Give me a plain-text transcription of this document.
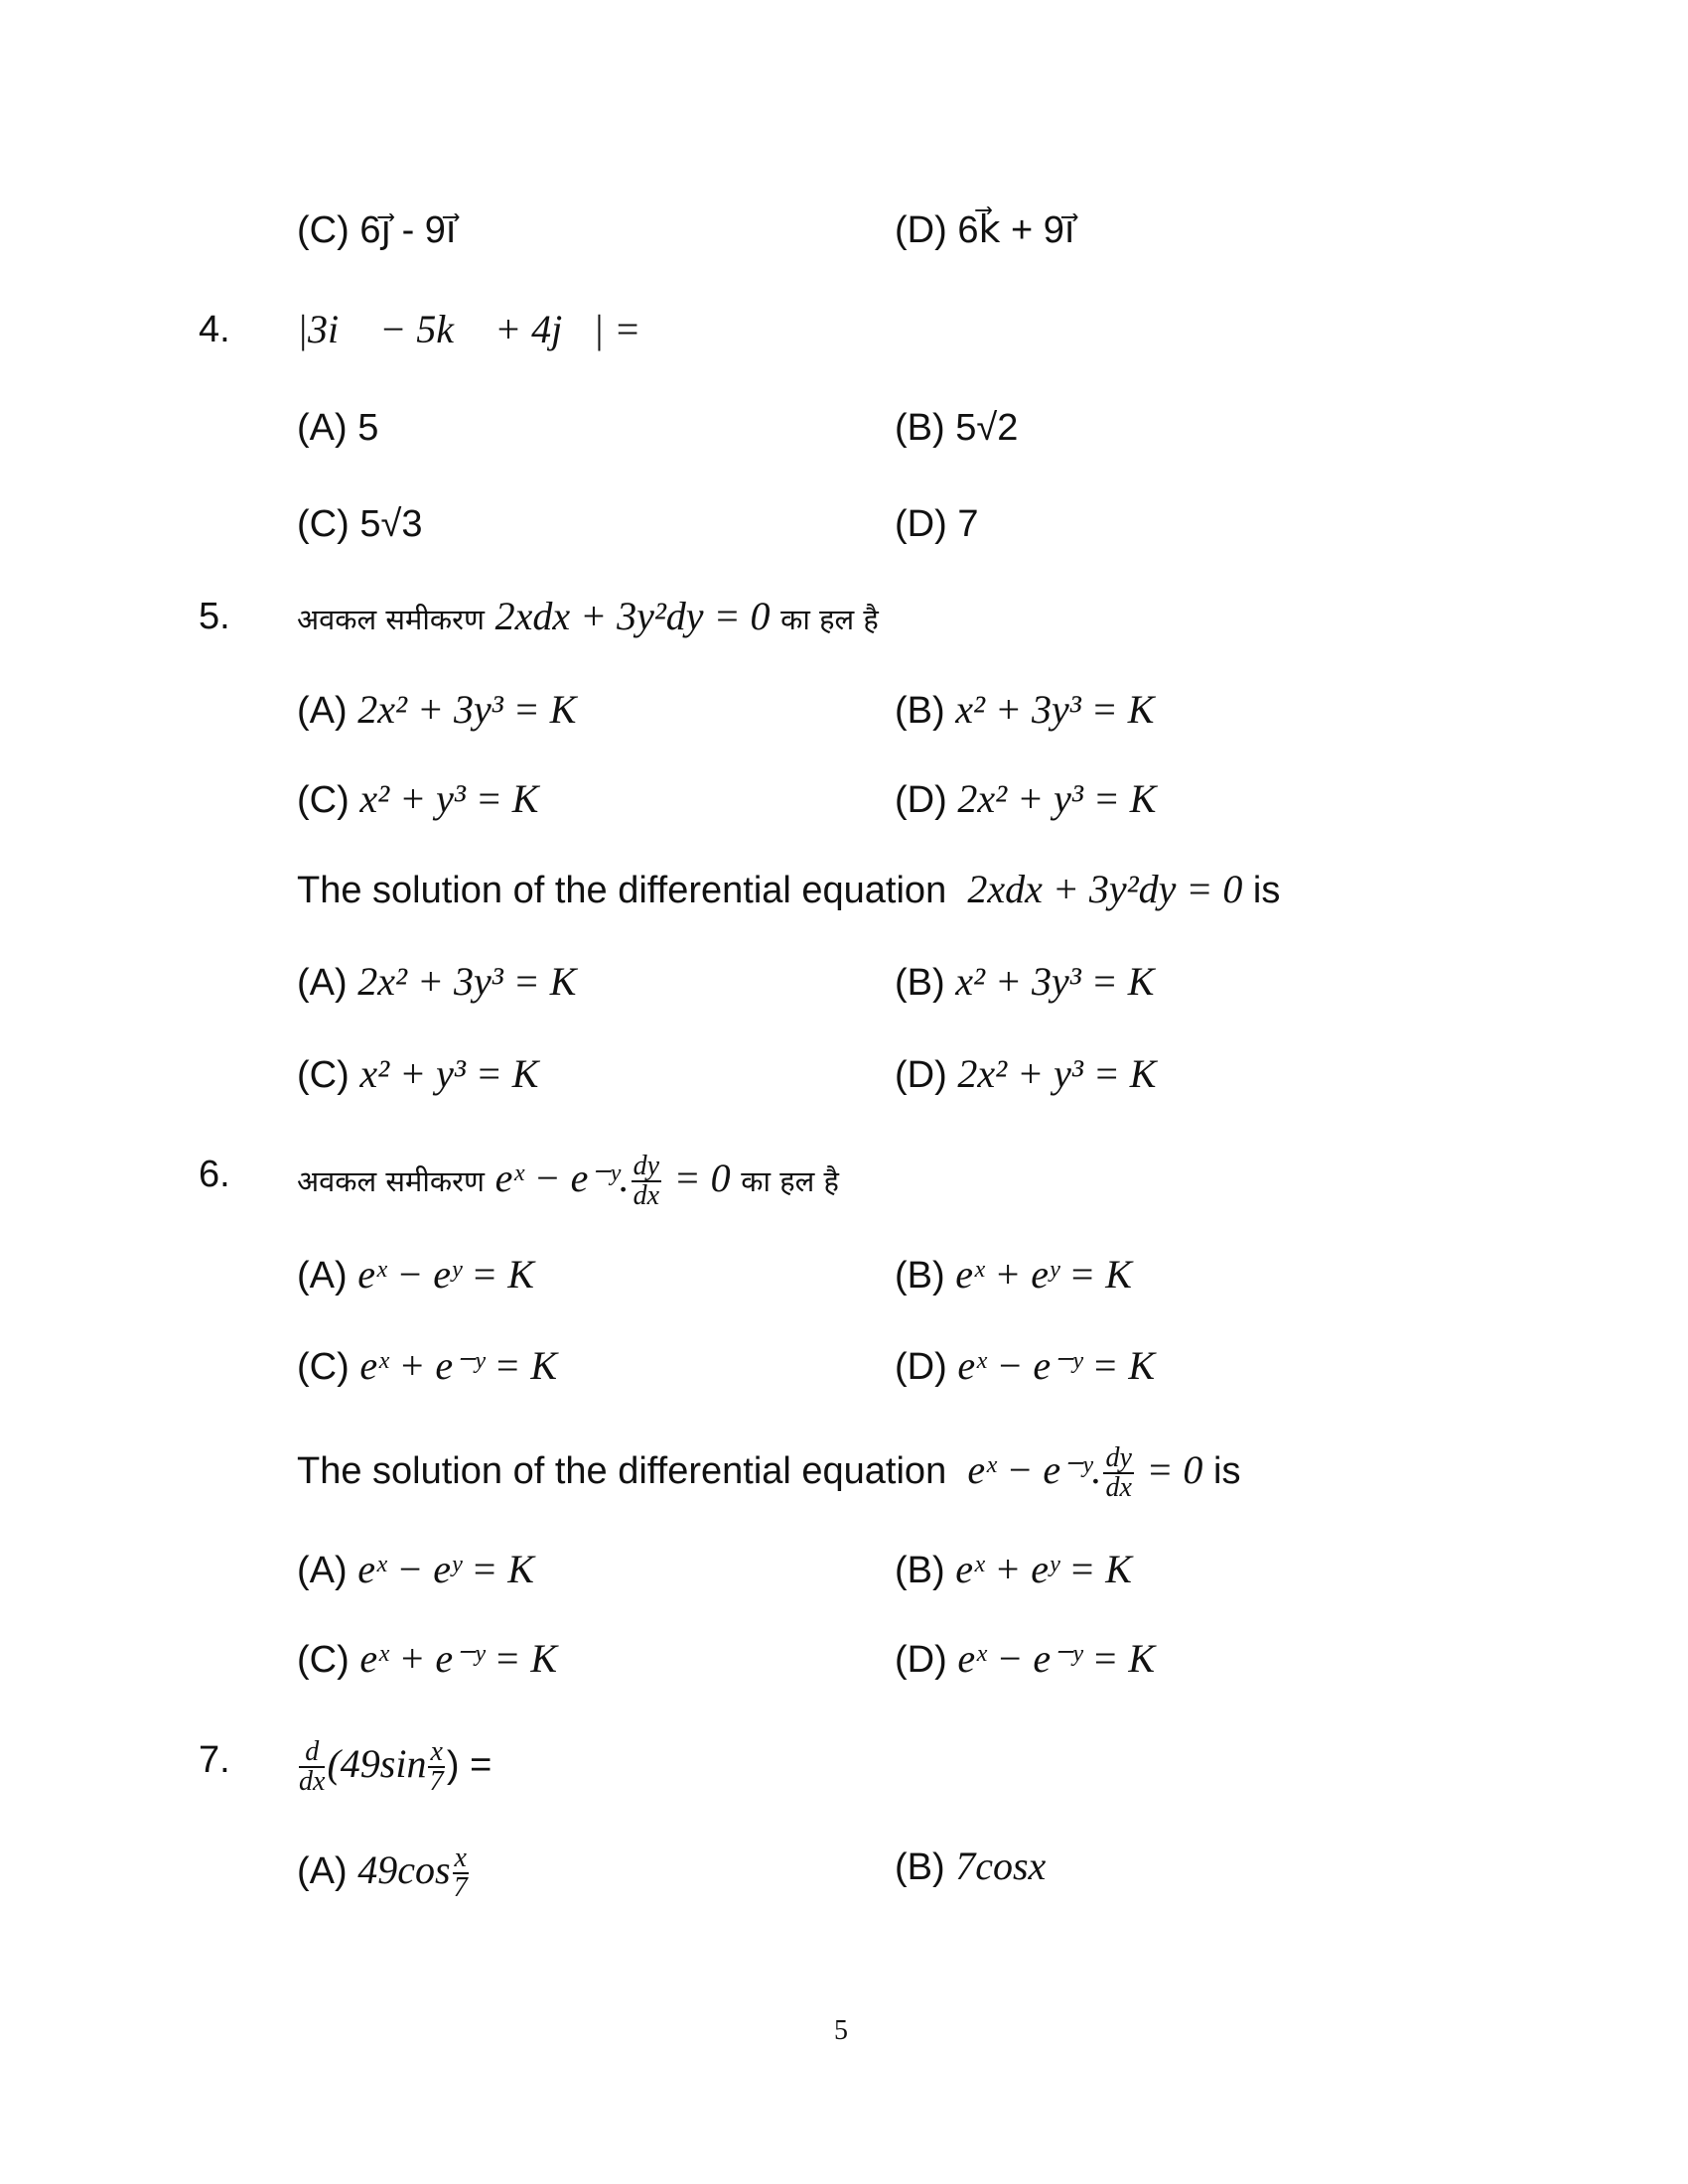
(C) 6j⃗ - 9i⃗	(D) 6k⃗ + 9i⃗
4. |3i⃗ − 5k⃗ + 4j⃗| =
(A) 5	(B) 5√2
(C) 5√3	(D) 7
5. अवकल समीकरण 2xdx + 3y²dy = 0 का हल है
(A) 2x² + 3y³ = K	(B) x² + 3y³ = K
(C) x² + y³ = K	(D) 2x² + y³ = K
The solution of the differential equation 2xdx + 3y²dy = 0 is
(A) 2x² + 3y³ = K	(B) x² + 3y³ = K
(C) x² + y³ = K	(D) 2x² + y³ = K
6. अवकल समीकरण eˣ − e⁻ʸ. $\frac{dy}{dx} = 0$ का हल है
(A) eˣ − eʸ = K	(B) eˣ + eʸ = K
(C) eˣ + e⁻ʸ = K	(D) eˣ − e⁻ʸ = K
The solution of the differential equation eˣ − e⁻ʸ. $\frac{dy}{dx} = 0$ is
(A) eˣ − eʸ = K	(B) eˣ + eʸ = K
(C) eˣ + e⁻ʸ = K	(D) eˣ − e⁻ʸ = K
7. $\frac{d}{dx} (49\sin \frac{x}{7}$ ) =
(A) $49\cos \frac{x}{7}$	(B) 7cosx
5
